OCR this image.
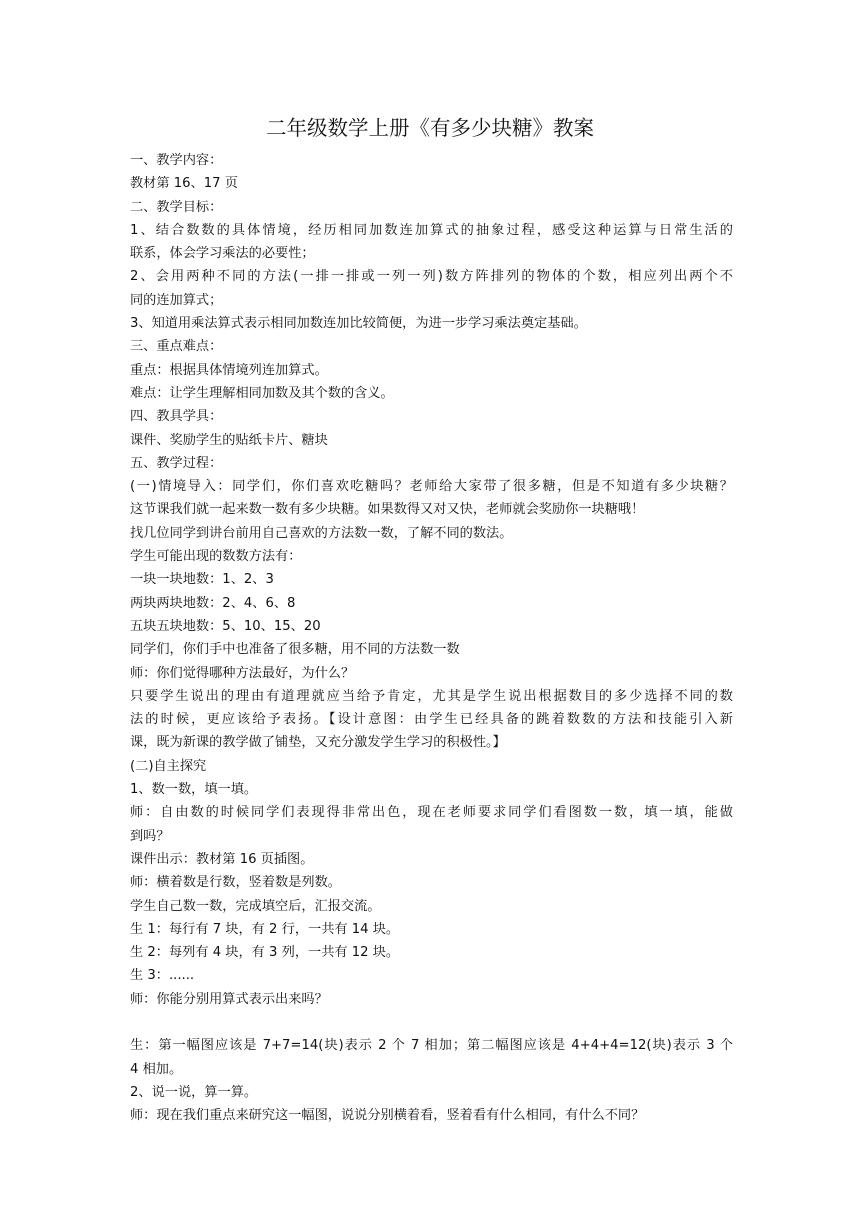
二年级数学上册《有多少块糖》教案
一、教学内容：
教材第 16、17 页
二、教学目标：
1、结合数数的具体情境，经历相同加数连加算式的抽象过程，感受这种运算与日常生活的
联系，体会学习乘法的必要性；
2、会用两种不同的方法(一排一排或一列一列)数方阵排列的物体的个数，相应列出两个不
同的连加算式；
3、知道用乘法算式表示相同加数连加比较简便，为进一步学习乘法奠定基础。
三、重点难点：
重点：根据具体情境列连加算式。
难点：让学生理解相同加数及其个数的含义。
四、教具学具：
课件、奖励学生的贴纸卡片、糖块
五、教学过程：
(一)情境导入：同学们，你们喜欢吃糖吗？老师给大家带了很多糖，但是不知道有多少块糖？
这节课我们就一起来数一数有多少块糖。如果数得又对又快，老师就会奖励你一块糖哦！
找几位同学到讲台前用自己喜欢的方法数一数，了解不同的数法。
学生可能出现的数数方法有：
一块一块地数：1、2、3
两块两块地数：2、4、6、8
五块五块地数：5、10、15、20
同学们，你们手中也准备了很多糖，用不同的方法数一数
师：你们觉得哪种方法最好，为什么？
只要学生说出的理由有道理就应当给予肯定，尤其是学生说出根据数目的多少选择不同的数
法的时候，更应该给予表扬。【设计意图：由学生已经具备的跳着数数的方法和技能引入新
课，既为新课的教学做了铺垫，又充分激发学生学习的积极性。】
(二)自主探究
1、数一数，填一填。
师：自由数的时候同学们表现得非常出色，现在老师要求同学们看图数一数，填一填，能做
到吗？
课件出示：教材第 16 页插图。
师：横着数是行数，竖着数是列数。
学生自己数一数，完成填空后，汇报交流。
生 1：每行有 7 块，有 2 行，一共有 14 块。
生 2：每列有 4 块，有 3 列，一共有 12 块。
生 3：......
师：你能分别用算式表示出来吗？
生：第一幅图应该是 7+7=14(块)表示 2 个 7 相加；第二幅图应该是 4+4+4=12(块)表示 3 个
4 相加。
2、说一说，算一算。
师：现在我们重点来研究这一幅图，说说分别横着看，竖着看有什么相同，有什么不同？
